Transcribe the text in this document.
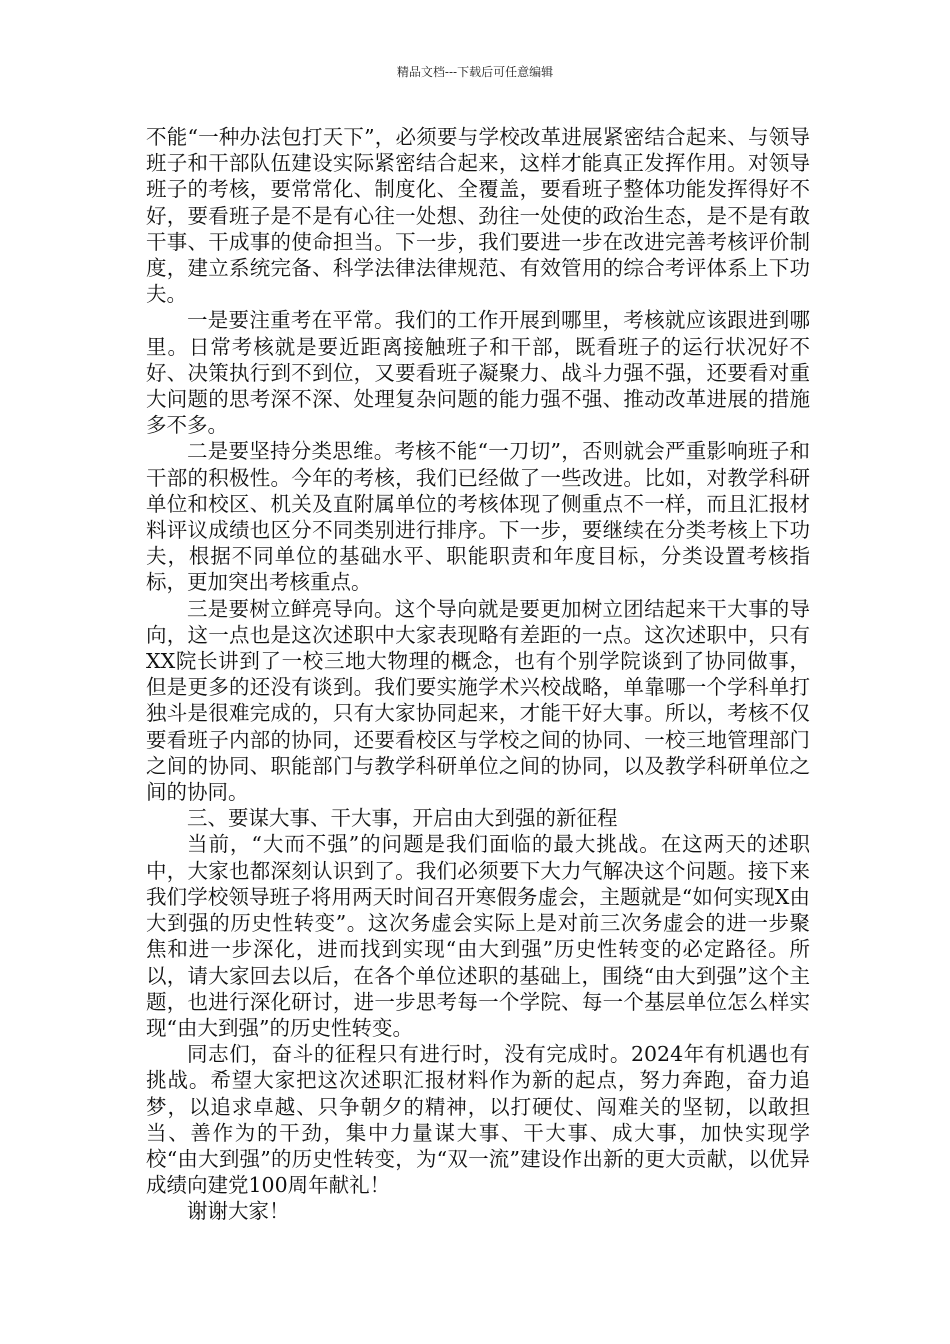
精品文档---下载后可任意编辑

不能“一种办法包打天下”，必须要与学校改革进展紧密结合起来、与领导班子和干部队伍建设实际紧密结合起来，这样才能真正发挥作用。对领导班子的考核，要常常化、制度化、全覆盖，要看班子整体功能发挥得好不好，要看班子是不是有心往一处想、劲往一处使的政治生态，是不是有敢干事、干成事的使命担当。下一步，我们要进一步在改进完善考核评价制度，建立系统完备、科学法律法律规范、有效管用的综合考评体系上下功夫。

一是要注重考在平常。我们的工作开展到哪里，考核就应该跟进到哪里。日常考核就是要近距离接触班子和干部，既看班子的运行状况好不好、决策执行到不到位，又要看班子凝聚力、战斗力强不强，还要看对重大问题的思考深不深、处理复杂问题的能力强不强、推动改革进展的措施多不多。

二是要坚持分类思维。考核不能“一刀切”，否则就会严重影响班子和干部的积极性。今年的考核，我们已经做了一些改进。比如，对教学科研单位和校区、机关及直附属单位的考核体现了侧重点不一样，而且汇报材料评议成绩也区分不同类别进行排序。下一步，要继续在分类考核上下功夫，根据不同单位的基础水平、职能职责和年度目标，分类设置考核指标，更加突出考核重点。

三是要树立鲜亮导向。这个导向就是要更加树立团结起来干大事的导向，这一点也是这次述职中大家表现略有差距的一点。这次述职中，只有XX院长讲到了一校三地大物理的概念，也有个别学院谈到了协同做事，但是更多的还没有谈到。我们要实施学术兴校战略，单靠哪一个学科单打独斗是很难完成的，只有大家协同起来，才能干好大事。所以，考核不仅要看班子内部的协同，还要看校区与学校之间的协同、一校三地管理部门之间的协同、职能部门与教学科研单位之间的协同，以及教学科研单位之间的协同。

三、要谋大事、干大事，开启由大到强的新征程

当前，“大而不强”的问题是我们面临的最大挑战。在这两天的述职中，大家也都深刻认识到了。我们必须要下大力气解决这个问题。接下来我们学校领导班子将用两天时间召开寒假务虚会，主题就是“如何实现X由大到强的历史性转变”。这次务虚会实际上是对前三次务虚会的进一步聚焦和进一步深化，进而找到实现“由大到强”历史性转变的必定路径。所以，请大家回去以后，在各个单位述职的基础上，围绕“由大到强”这个主题，也进行深化研讨，进一步思考每一个学院、每一个基层单位怎么样实现“由大到强”的历史性转变。

同志们，奋斗的征程只有进行时，没有完成时。2024年有机遇也有挑战。希望大家把这次述职汇报材料作为新的起点，努力奔跑，奋力追梦，以追求卓越、只争朝夕的精神，以打硬仗、闯难关的坚韧，以敢担当、善作为的干劲，集中力量谋大事、干大事、成大事，加快实现学校“由大到强”的历史性转变，为“双一流”建设作出新的更大贡献，以优异成绩向建党100周年献礼！

谢谢大家！
